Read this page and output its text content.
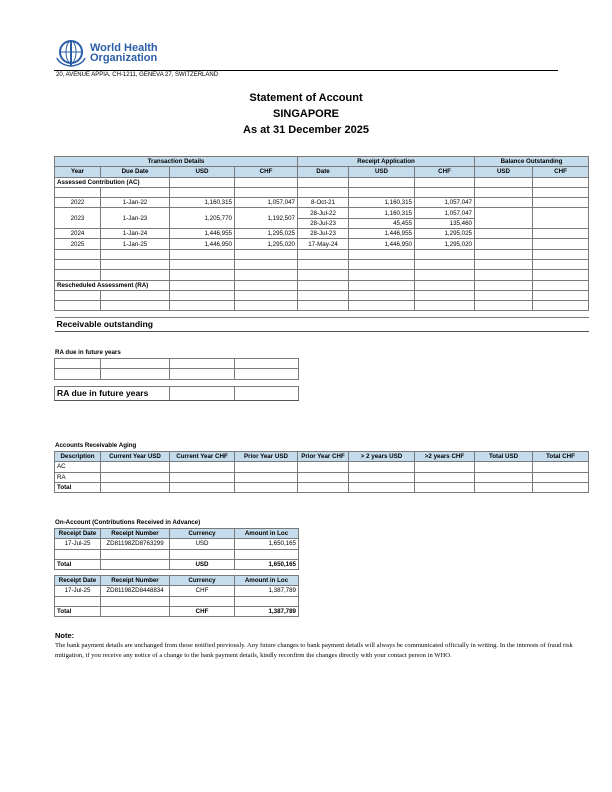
World Health
Organization
20, AVENUE APPIA, CH-1211, GENEVA 27, SWITZERLAND
Statement of Account
SINGAPORE
As at 31 December 2025
Transaction Details				Receipt Application			Balance Outstanding	
Year	Due Date	USD	CHF	Date	USD	CHF	USD	CHF
Assessed Contribution (AC)								

2022	1-Jan-22	1,160,315	1,057,047	8-Oct-21	1,160,315	1,057,047		
2023	1-Jan-23	1,205,770	1,192,507	28-Jul-22	1,160,315	1,057,047		
				28-Jul-23	45,455	135,460		
2024	1-Jan-24	1,446,955	1,295,025	28-Jul-23	1,446,955	1,295,025		
2025	1-Jan-25	1,446,950	1,295,020	17-May-24	1,446,950	1,295,020		

Rescheduled Assessment (RA)								

Receivable outstanding								
RA due in future years

RA due in future years		
Accounts Receivable Aging
Description	Current Year USD	Current Year CHF	Prior Year USD	Prior Year CHF	> 2 years USD	>2 years CHF	Total USD	Total CHF
AC								
RA								
Total								
On-Account (Contributions Received in Advance)
Receipt Date	Receipt Number	Currency	Amount in Loc
17-Jul-25	ZD81198ZD8763299	USD	1,650,165

Total		USD	1,650,165
Receipt Date	Receipt Number	Currency	Amount in Loc
17-Jul-25	ZD81198ZD8448834	CHF	1,387,789

Total		CHF	1,387,789
Note:
The bank payment details are unchanged from those notified previously. Any future changes to bank payment details will always be communicated officially in writing. In the interests of fraud risk mitigation, if you receive any notice of a change to the bank payment details, kindly reconfirm the changes directly with your contact person in WHO.
